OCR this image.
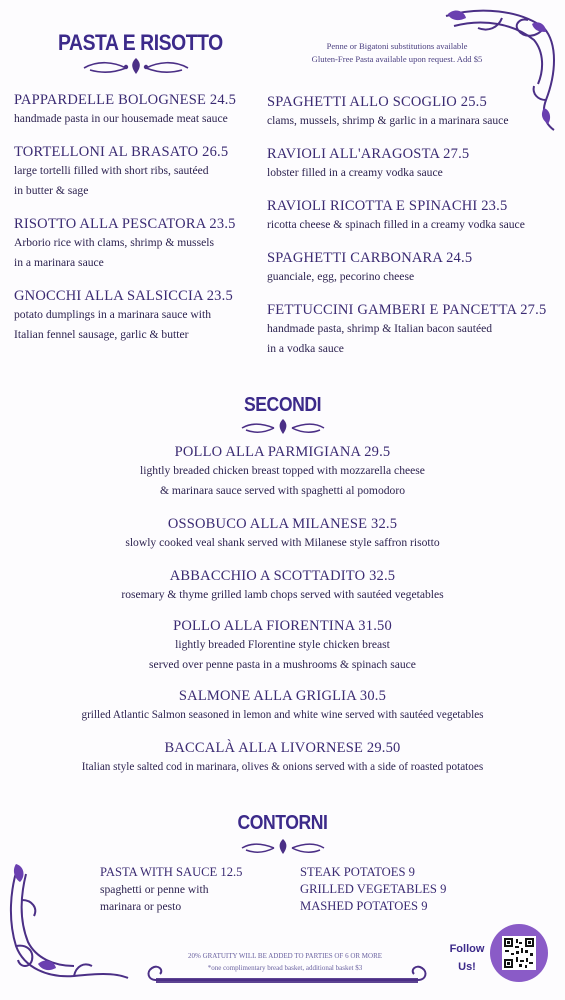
PASTA E RISOTTO	Penne or Bigatoni substitutions available
Gluten-Free Pasta available upon request. Add $5
PAPPARDELLE BOLOGNESE 24.5
handmade pasta in our housemade meat sauce
TORTELLONI AL BRASATO 26.5
large tortelli filled with short ribs, sautéed
in butter & sage
RISOTTO ALLA PESCATORA 23.5
Arborio rice with clams, shrimp & mussels
in a marinara sauce
GNOCCHI ALLA SALSICCIA 23.5
potato dumplings in a marinara sauce with
Italian fennel sausage, garlic & butter
SPAGHETTI ALLO SCOGLIO 25.5
clams, mussels, shrimp & garlic in a marinara sauce
RAVIOLI ALL'ARAGOSTA 27.5
lobster filled in a creamy vodka sauce
RAVIOLI RICOTTA E SPINACHI 23.5
ricotta cheese & spinach filled in a creamy vodka sauce
SPAGHETTI CARBONARA 24.5
guanciale, egg, pecorino cheese
FETTUCCINI GAMBERI E PANCETTA 27.5
handmade pasta, shrimp & Italian bacon sautéed
in a vodka sauce
SECONDI
POLLO ALLA PARMIGIANA 29.5
lightly breaded chicken breast topped with mozzarella cheese
& marinara sauce served with spaghetti al pomodoro
OSSOBUCO ALLA MILANESE 32.5
slowly cooked veal shank served with Milanese style saffron risotto
ABBACCHIO A SCOTTADITO 32.5
rosemary & thyme grilled lamb chops served with sautéed vegetables
POLLO ALLA FIORENTINA 31.50
lightly breaded Florentine style chicken breast
served over penne pasta in a mushrooms & spinach sauce
SALMONE ALLA GRIGLIA 30.5
grilled Atlantic Salmon seasoned in lemon and white wine served with sautéed vegetables
BACCALÀ ALLA LIVORNESE 29.50
Italian style salted cod in marinara, olives & onions served with a side of roasted potatoes
CONTORNI
PASTA WITH SAUCE 12.5
spaghetti or penne with
marinara or pesto
STEAK POTATOES 9
GRILLED VEGETABLES 9
MASHED POTATOES 9
20% GRATUITY WILL BE ADDED TO PARTIES OF 6 OR MORE
*one complimentary bread basket, additional basket $3
Follow
Us!
